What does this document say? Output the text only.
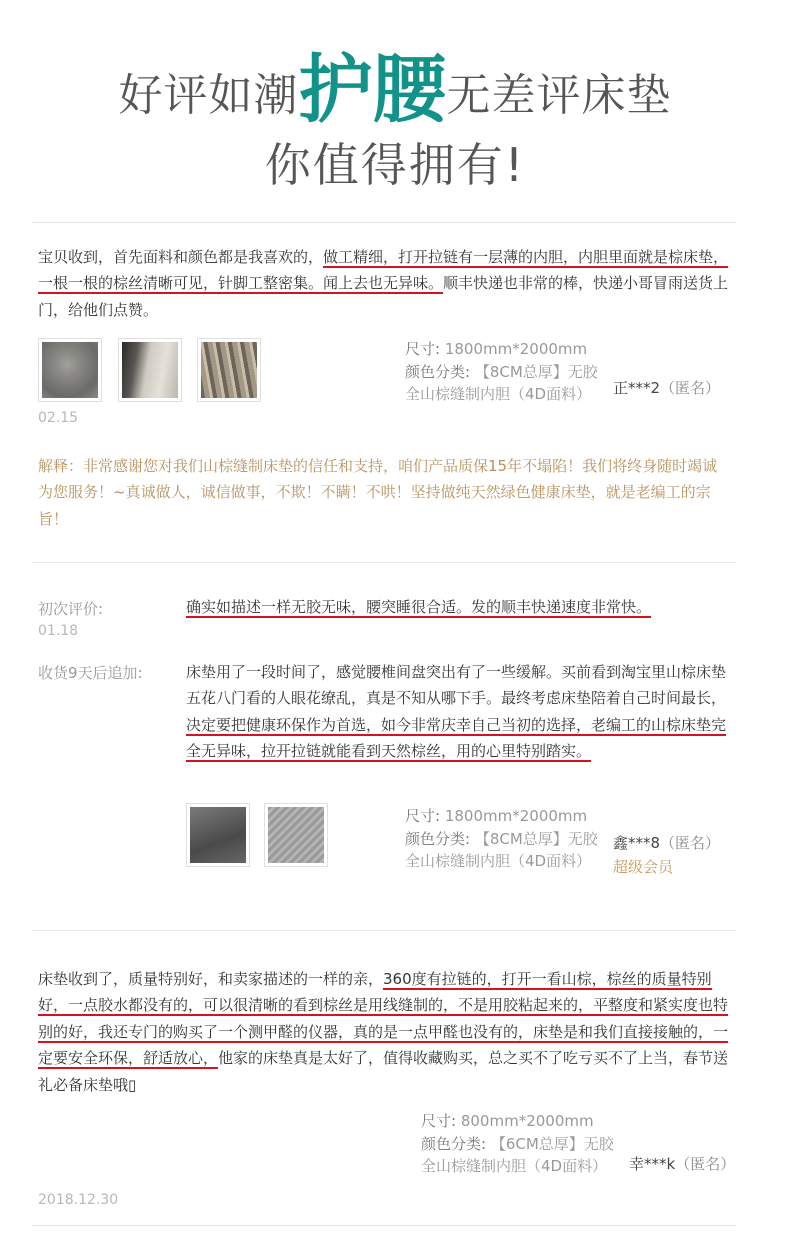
好评如潮护腰无差评床垫
你值得拥有!
宝贝收到，首先面料和颜色都是我喜欢的，做工精细，打开拉链有一层薄的内胆，内胆里面就是棕床垫，一根一根的棕丝清晰可见，针脚工整密集。闻上去也无异味。顺丰快递也非常的棒，快递小哥冒雨送货上门，给他们点赞。
02.15
尺寸: 1800mm*2000mm
颜色分类: 【8CM总厚】无胶全山棕缝制内胆（4D面料）	正***2（匿名）
解释：非常感谢您对我们山棕缝制床垫的信任和支持，咱们产品质保15年不塌陷！我们将终身随时竭诚为您服务！~真诚做人，诚信做事，不欺！不瞒！不哄！坚持做纯天然绿色健康床垫，就是老编工的宗旨！
初次评价:
01.18
确实如描述一样无胶无味，腰突睡很合适。发的顺丰快递速度非常快。
收货9天后追加:	床垫用了一段时间了，感觉腰椎间盘突出有了一些缓解。买前看到淘宝里山棕床垫五花八门看的人眼花缭乱，真是不知从哪下手。最终考虑床垫陪着自己时间最长，决定要把健康环保作为首选，如今非常庆幸自己当初的选择，老编工的山棕床垫完全无异味，拉开拉链就能看到天然棕丝，用的心里特别踏实。
尺寸: 1800mm*2000mm
颜色分类: 【8CM总厚】无胶全山棕缝制内胆（4D面料）
鑫***8（匿名）
超级会员
床垫收到了，质量特别好，和卖家描述的一样的亲，360度有拉链的，打开一看山棕，棕丝的质量特别好，一点胶水都没有的，可以很清晰的看到棕丝是用线缝制的，不是用胶粘起来的，平整度和紧实度也特别的好，我还专门的购买了一个测甲醛的仪器，真的是一点甲醛也没有的，床垫是和我们直接接触的，一定要安全环保，舒适放心，他家的床垫真是太好了，值得收藏购买，总之买不了吃亏买不了上当，春节送礼必备床垫哦▯
尺寸: 800mm*2000mm
颜色分类: 【6CM总厚】无胶全山棕缝制内胆（4D面料）	幸***k（匿名）
2018.12.30
